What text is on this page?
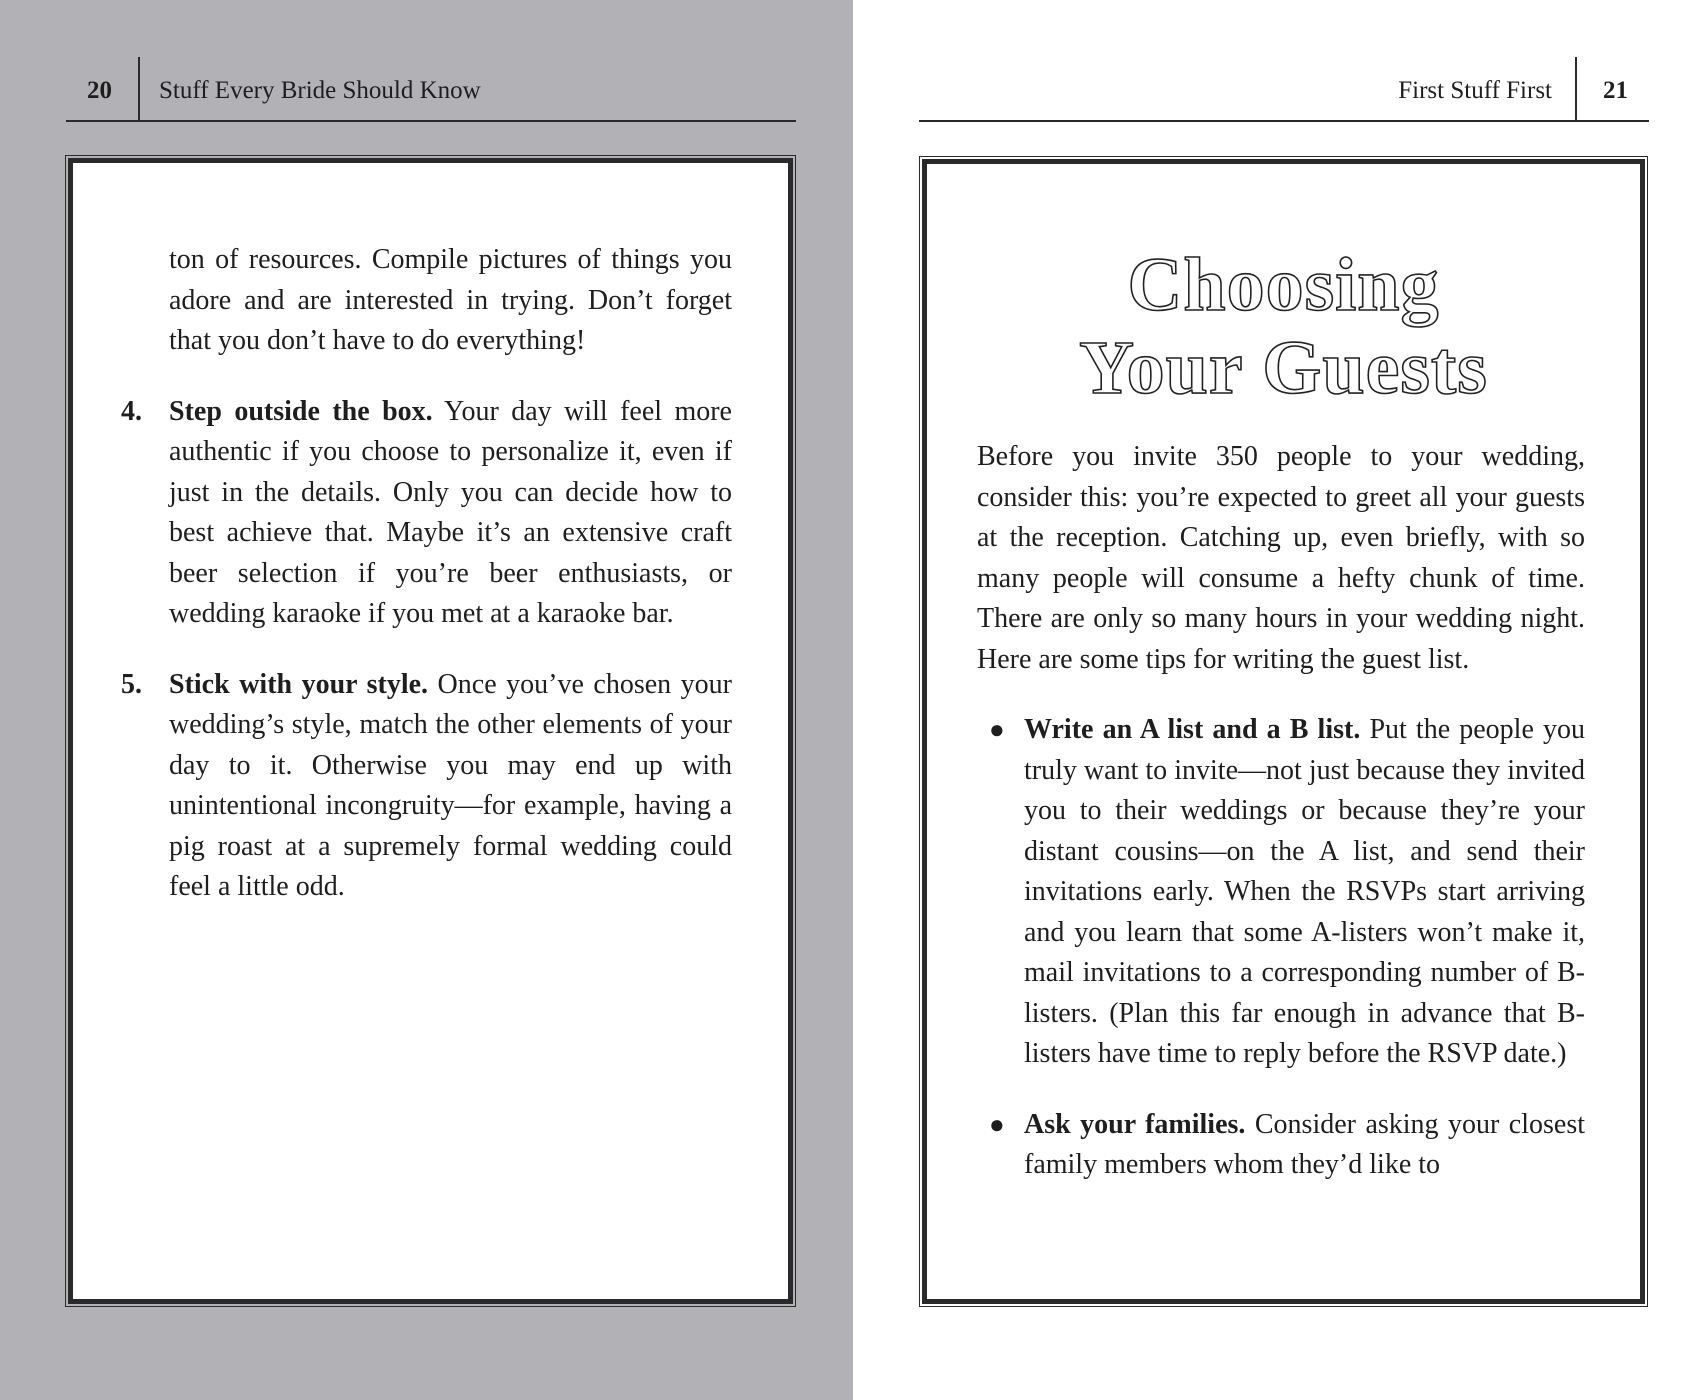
20 Stuff Every Bride Should Know

ton of resources. Compile pictures of things you adore and are interested in trying. Don’t forget that you don’t have to do everything!

4. Step outside the box. Your day will feel more authentic if you choose to personalize it, even if just in the details. Only you can decide how to best achieve that. Maybe it’s an extensive craft beer selection if you’re beer enthusiasts, or wedding karaoke if you met at a karaoke bar.

5. Stick with your style. Once you’ve chosen your wedding’s style, match the other elements of your day to it. Otherwise you may end up with unintentional incongruity—for example, having a pig roast at a supremely formal wedding could feel a little odd.

First Stuff First 21
Choosing
Your Guests

Before you invite 350 people to your wedding, consider this: you’re expected to greet all your guests at the reception. Catching up, even briefly, with so many people will consume a hefty chunk of time. There are only so many hours in your wedding night. Here are some tips for writing the guest list.

● Write an A list and a B list. Put the people you truly want to invite—not just because they invited you to their weddings or because they’re your distant cousins—on the A list, and send their invitations early. When the RSVPs start arriving and you learn that some A-listers won’t make it, mail invitations to a corresponding number of B-listers. (Plan this far enough in advance that B-listers have time to reply before the RSVP date.)

● Ask your families. Consider asking your closest family members whom they’d like to
